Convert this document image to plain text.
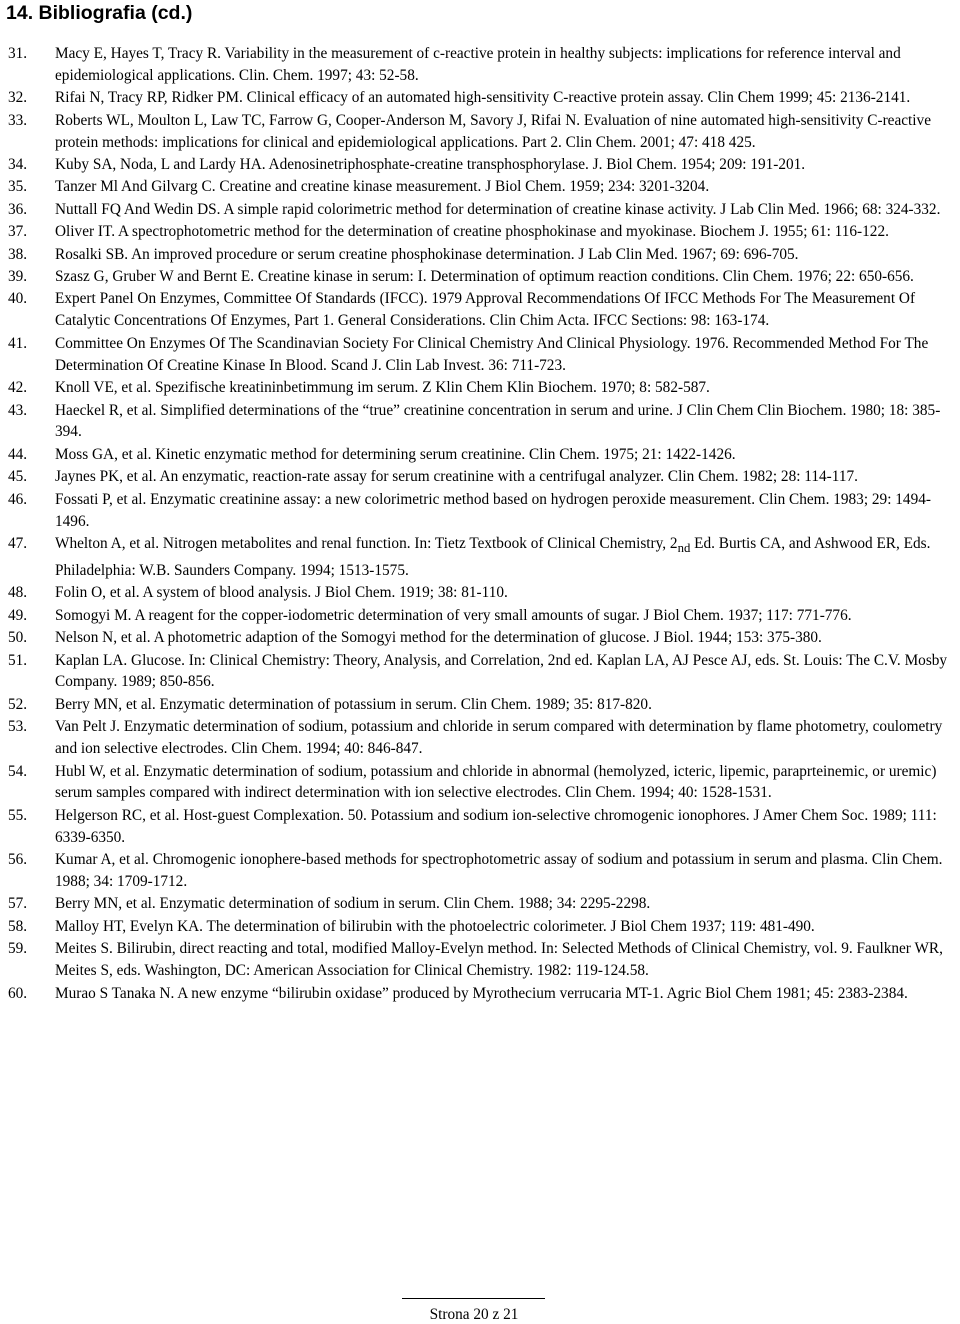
14. Bibliografia (cd.)
31. Macy E, Hayes T, Tracy R. Variability in the measurement of c-reactive protein in healthy subjects: implications for reference interval and epidemiological applications. Clin. Chem. 1997; 43: 52-58.
32. Rifai N, Tracy RP, Ridker PM. Clinical efficacy of an automated high-sensitivity C-reactive protein assay. Clin Chem 1999; 45: 2136-2141.
33. Roberts WL, Moulton L, Law TC, Farrow G, Cooper-Anderson M, Savory J, Rifai N. Evaluation of nine automated high-sensitivity C-reactive protein methods: implications for clinical and epidemiological applications. Part 2. Clin Chem. 2001; 47: 418 425.
34. Kuby SA, Noda, L and Lardy HA. Adenosinetriphosphate-creatine transphosphorylase. J. Biol Chem. 1954; 209: 191-201.
35. Tanzer Ml And Gilvarg C. Creatine and creatine kinase measurement. J Biol Chem. 1959; 234: 3201-3204.
36. Nuttall FQ And Wedin DS. A simple rapid colorimetric method for determination of creatine kinase activity. J Lab Clin Med. 1966; 68: 324-332.
37. Oliver IT. A spectrophotometric method for the determination of creatine phosphokinase and myokinase. Biochem J. 1955; 61: 116-122.
38. Rosalki SB. An improved procedure or serum creatine phosphokinase determination. J Lab Clin Med. 1967; 69: 696-705.
39. Szasz G, Gruber W and Bernt E. Creatine kinase in serum: I. Determination of optimum reaction conditions. Clin Chem. 1976; 22: 650-656.
40. Expert Panel On Enzymes, Committee Of Standards (IFCC). 1979 Approval Recommendations Of IFCC Methods For The Measurement Of Catalytic Concentrations Of Enzymes, Part 1. General Considerations. Clin Chim Acta. IFCC Sections: 98: 163-174.
41. Committee On Enzymes Of The Scandinavian Society For Clinical Chemistry And Clinical Physiology. 1976. Recommended Method For The Determination Of Creatine Kinase In Blood. Scand J. Clin Lab Invest. 36: 711-723.
42. Knoll VE, et al. Spezifische kreatininbetimmung im serum. Z Klin Chem Klin Biochem. 1970; 8: 582-587.
43. Haeckel R, et al. Simplified determinations of the “true” creatinine concentration in serum and urine. J Clin Chem Clin Biochem. 1980; 18: 385-394.
44. Moss GA, et al. Kinetic enzymatic method for determining serum creatinine. Clin Chem. 1975; 21: 1422-1426.
45. Jaynes PK, et al. An enzymatic, reaction-rate assay for serum creatinine with a centrifugal analyzer. Clin Chem. 1982; 28: 114-117.
46. Fossati P, et al. Enzymatic creatinine assay: a new colorimetric method based on hydrogen peroxide measurement. Clin Chem. 1983; 29: 1494-1496.
47. Whelton A, et al. Nitrogen metabolites and renal function. In: Tietz Textbook of Clinical Chemistry, $2_{nd}$ Ed. Burtis CA, and Ashwood ER, Eds. Philadelphia: W.B. Saunders Company. 1994; 1513-1575.
48. Folin O, et al. A system of blood analysis. J Biol Chem. 1919; 38: 81-110.
49. Somogyi M. A reagent for the copper-iodometric determination of very small amounts of sugar. J Biol Chem. 1937; 117: 771-776.
50. Nelson N, et al. A photometric adaption of the Somogyi method for the determination of glucose. J Biol. 1944; 153: 375-380.
51. Kaplan LA. Glucose. In: Clinical Chemistry: Theory, Analysis, and Correlation, 2nd ed. Kaplan LA, AJ Pesce AJ, eds. St. Louis: The C.V. Mosby Company. 1989; 850-856.
52. Berry MN, et al. Enzymatic determination of potassium in serum. Clin Chem. 1989; 35: 817-820.
53. Van Pelt J. Enzymatic determination of sodium, potassium and chloride in serum compared with determination by flame photometry, coulometry and ion selective electrodes. Clin Chem. 1994; 40: 846-847.
54. Hubl W, et al. Enzymatic determination of sodium, potassium and chloride in abnormal (hemolyzed, icteric, lipemic, paraprteinemic, or uremic) serum samples compared with indirect determination with ion selective electrodes. Clin Chem. 1994; 40: 1528-1531.
55. Helgerson RC, et al. Host-guest Complexation. 50. Potassium and sodium ion-selective chromogenic ionophores. J Amer Chem Soc. 1989; 111: 6339-6350.
56. Kumar A, et al. Chromogenic ionophere-based methods for spectrophotometric assay of sodium and potassium in serum and plasma. Clin Chem. 1988; 34: 1709-1712.
57. Berry MN, et al. Enzymatic determination of sodium in serum. Clin Chem. 1988; 34: 2295-2298.
58. Malloy HT, Evelyn KA. The determination of bilirubin with the photoelectric colorimeter. J Biol Chem 1937; 119: 481-490.
59. Meites S. Bilirubin, direct reacting and total, modified Malloy-Evelyn method. In: Selected Methods of Clinical Chemistry, vol. 9. Faulkner WR, Meites S, eds. Washington, DC: American Association for Clinical Chemistry. 1982: 119-124.58.
60. Murao S Tanaka N. A new enzyme “bilirubin oxidase” produced by Myrothecium verrucaria MT-1. Agric Biol Chem 1981; 45: 2383-2384.
Strona 20 z 21
